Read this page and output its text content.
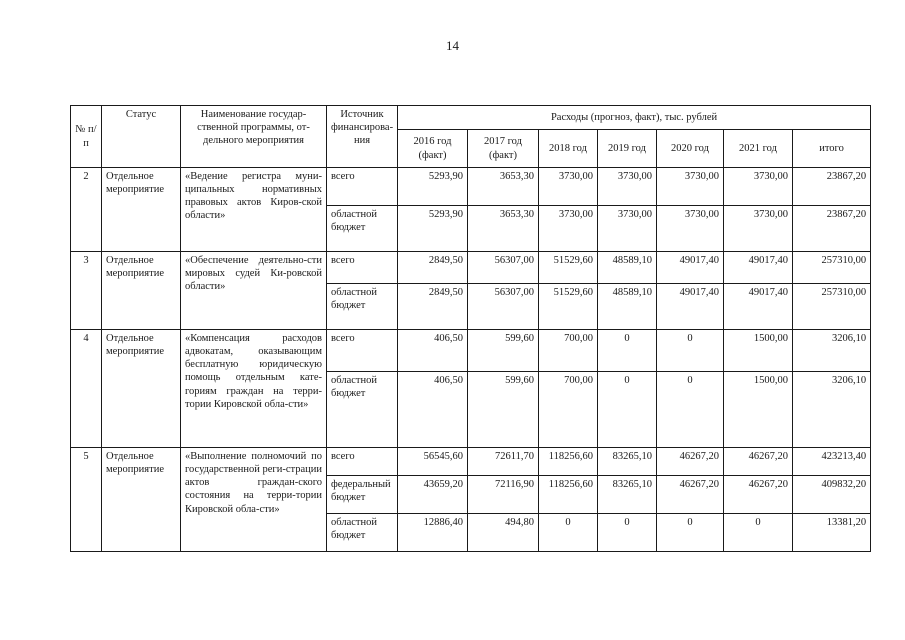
14
№ п/п	Статус	Наименование государ-ственной программы, от-дельного мероприятия	Источник финансирова-ния	Расходы (прогноз, факт), тыс. рублей						
				2016 год (факт)	2017 год (факт)	2018 год	2019 год	2020 год	2021 год	итого
2	Отдельное мероприятие	«Ведение регистра муни-ципальных нормативных правовых актов Киров-ской области»	всего	5293,90	3653,30	3730,00	3730,00	3730,00	3730,00	23867,20
			областной бюджет	5293,90	3653,30	3730,00	3730,00	3730,00	3730,00	23867,20
3	Отдельное мероприятие	«Обеспечение деятельно-сти мировых судей Ки-ровской области»	всего	2849,50	56307,00	51529,60	48589,10	49017,40	49017,40	257310,00
			областной бюджет	2849,50	56307,00	51529,60	48589,10	49017,40	49017,40	257310,00
4	Отдельное мероприятие	«Компенсация расходов адвокатам, оказывающим бесплатную юридическую помощь отдельным кате-гориям граждан на терри-тории Кировской обла-сти»	всего	406,50	599,60	700,00	0	0	1500,00	3206,10
			областной бюджет	406,50	599,60	700,00	0	0	1500,00	3206,10
5	Отдельное мероприятие	«Выполнение полномочий по государственной реги-страции актов граждан-ского состояния на терри-тории Кировской обла-сти»	всего	56545,60	72611,70	118256,60	83265,10	46267,20	46267,20	423213,40
			федеральный бюджет	43659,20	72116,90	118256,60	83265,10	46267,20	46267,20	409832,20
			областной бюджет	12886,40	494,80	0	0	0	0	13381,20
